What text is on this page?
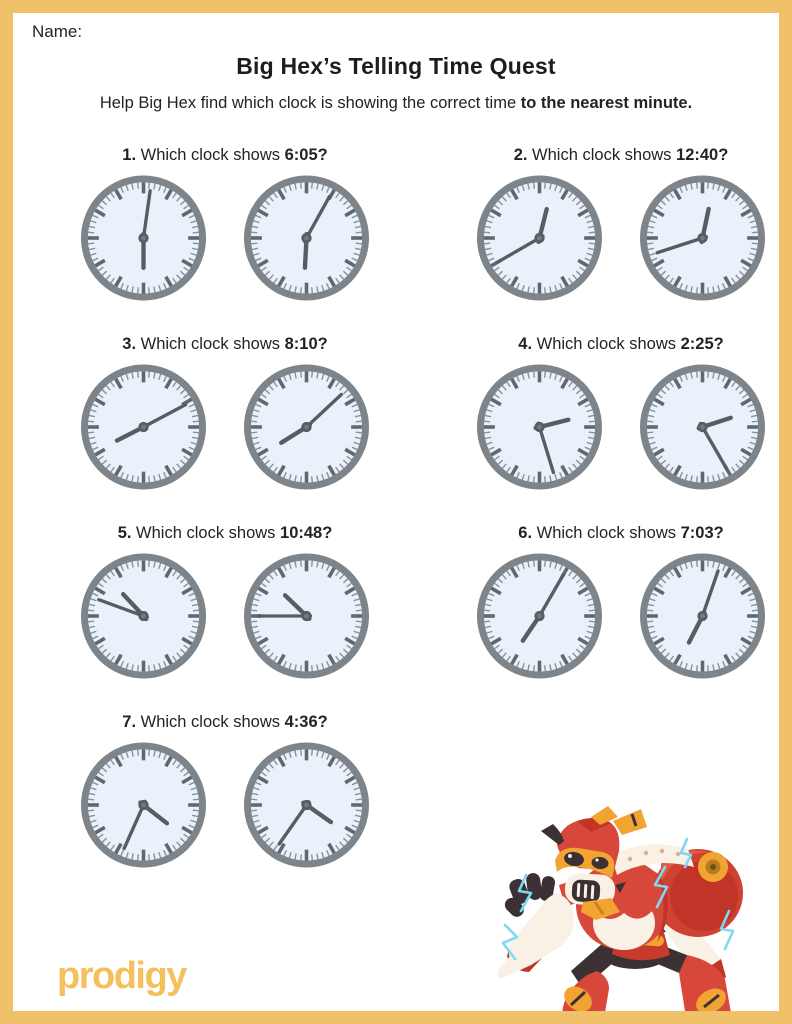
Name:
Big Hex’s Telling Time Quest
Help Big Hex find which clock is showing the correct time to the nearest minute.
1. Which clock shows 6:05?	2. Which clock shows 12:40?
3. Which clock shows 8:10?	4. Which clock shows 2:25?
5. Which clock shows 10:48?	6. Which clock shows 7:03?
7. Which clock shows 4:36?
prodigy
